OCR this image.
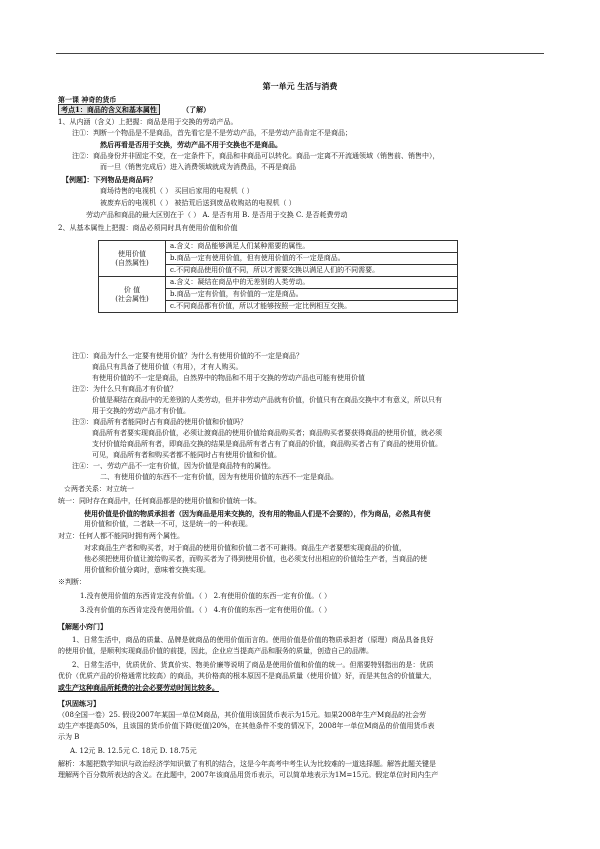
第一单元 生活与消费
第一课 神奇的货币
考点1：商品的含义和基本属性	（了解）
1、从内涵（含义）上把握：商品是用于交换的劳动产品。
注①：判断一个物品是不是商品，首先看它是不是劳动产品，不是劳动产品肯定不是商品；
然后再看是否用于交换，劳动产品不用于交换也不是商品。
注②：商品身份并非固定不变，在一定条件下，商品和非商品可以转化。商品一定离不开流通领域（销售前、销售中），
而一旦（销售完成后）进入消费领域就成为消费品，不再是商品
【例题】：下列物品是商品吗？
商场待售的电视机（ ） 买回后家用的电视机（ ）
被废弃后的电视机（ ） 被拾荒后送到废品收购站的电视机（ ）
劳动产品和商品的最大区别在于（ ） A. 是否有用 B. 是否用于交换 C. 是否耗费劳动
2、从基本属性上把握：商品必须同时具有使用价值和价值
使用价值
(自然属性)	a.含义：商品能够满足人们某种需要的属性。
	b.商品一定有使用价值，但有使用价值的不一定是商品。
	c.不同商品使用价值不同，所以才需要交换以满足人们的不同需要。

价 值
(社会属性)	a.含义：凝结在商品中的无差别的人类劳动。
	b.商品一定有价值，有价值的一定是商品。
	c.不同商品都有价值，所以才能够按照一定比例相互交换。
注①：商品为什么一定要有使用价值？为什么有使用价值的不一定是商品？
商品只有具备了使用价值（有用），才有人购买。
有使用价值的不一定是商品，自然界中的物品和不用于交换的劳动产品也可能有使用价值
注②：为什么只有商品才有价值？
价值是凝结在商品中的无差别的人类劳动，但并非劳动产品就有价值，价值只有在商品交换中才有意义，所以只有
用于交换的劳动产品才有价值。
注③：商品所有者能同时占有商品的使用价值和价值吗？
商品所有者要实现商品价值，必须让渡商品的使用价值给商品购买者；商品购买者要获得商品的使用价值，就必须
支付价值给商品所有者，即商品交换的结果是商品所有者占有了商品的价值，商品购买者占有了商品的使用价值。
可见，商品所有者和购买者都不能同时占有使用价值和价值。
注④：一、劳动产品不一定有价值，因为价值是商品特有的属性。
二、有使用价值的东西不一定有价值，因为有使用价值的东西不一定是商品。
☆两者关系：对立统一
统一：同时存在商品中，任何商品都是的使用价值和价值统一体。
使用价值是价值的物质承担者（因为商品是用来交换的，没有用的物品人们是不会要的），作为商品，必然具有使
用价值和价值，二者缺一不可，这是统一的一种表现。
对立：任何人都不能同时拥有两个属性。
对求商品生产者和购买者，对于商品的使用价值和价值二者不可兼得。商品生产者要想实现商品的价值，
他必须把使用价值让渡给购买者，而购买者为了得到使用价值，也必须支付出相应的价值给生产者，当商品的使
用价值和价值分离时，意味着交换实现。
※判断：
1.没有使用价值的东西肯定没有价值。（ ） 2.有使用价值的东西一定有价值。（ ）
3.没有价值的东西肯定没有使用价值。（ ） 4.有价值的东西一定有使用价值。（ ）
【解题小窍门】
1、日常生活中，商品的质量、品牌是就商品的使用价值而言的。使用价值是价值的物质承担者（原理）商品具备良好
的使用价值，是顺利实现商品价值的前提，因此，企业应当提高产品和服务的质量，创造自己的品牌。
2、日常生活中，优质优价、货真价实、物美价廉等说明了商品是使用价值和价值的统一。但需要特别指出的是：优质
优价（优质产品的价格通常比较高）的商品，其价格高的根本原因不是商品质量（使用价值）好，而是其包含的价值量大，
或生产这种商品所耗费的社会必要劳动时间比较多。
【巩固练习】
（08全国一卷）25. 假设2007年某国一单位M商品，其价值用该国货币表示为15元。如果2008年生产M商品的社会劳
动生产率提高50%，且该国的货币价值下降(贬值)20%，在其他条件不变的情况下，2008年一单位M商品的价值用货币表
示为 B
A. 12元 B. 12.5元 C. 18元 D. 18.75元
解析：本题把数学知识与政治经济学知识做了有机的结合，这是今年高考中考生认为比较难的一道选择题。解答此题关键是
理解两个百分数所表达的含义。在此题中，2007年该商品用货币表示，可以简单地表示为1M=15元。假定单位时间内生产
